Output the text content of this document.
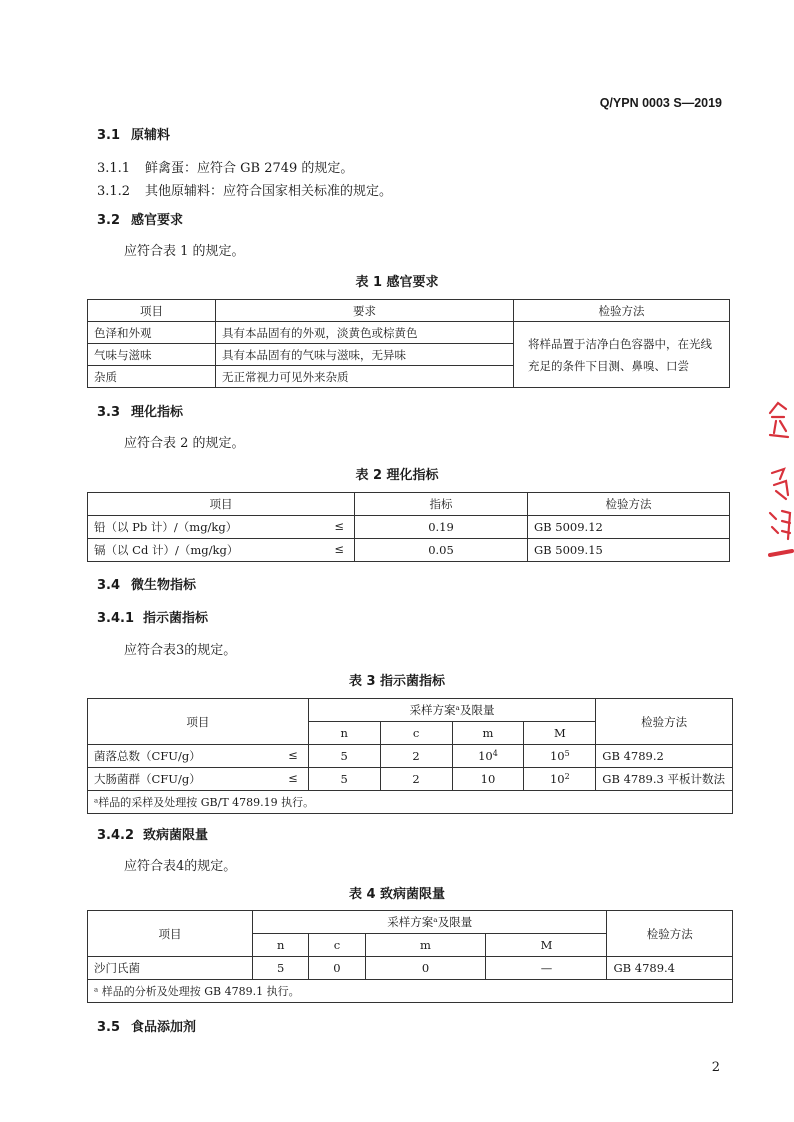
Q/YPN 0003 S—2019
3.1 原辅料
3.1.1 鲜禽蛋：应符合 GB 2749 的规定。
3.1.2 其他原辅料：应符合国家相关标准的规定。
3.2 感官要求
应符合表 1 的规定。
表 1 感官要求
项目	要求	检验方法
色泽和外观	具有本品固有的外观，淡黄色或棕黄色	将样品置于洁净白色容器中，在光线充足的条件下目测、鼻嗅、口尝
气味与滋味	具有本品固有的气味与滋味，无异味	
杂质	无正常视力可见外来杂质	
3.3 理化指标
应符合表 2 的规定。
表 2 理化指标
项目	指标	检验方法
铅（以 Pb 计）/（mg/kg） ≤	0.19	GB 5009.12
镉（以 Cd 计）/（mg/kg） ≤	0.05	GB 5009.15
3.4 微生物指标
3.4.1 指示菌指标
应符合表3的规定。
表 3 指示菌指标
项目	采样方案ᵃ及限量				检验方法
	n	c	m	M	
菌落总数（CFU/g） ≤	5	2	$10^4$	$10^5$	GB 4789.2
大肠菌群（CFU/g） ≤	5	2	10	$10^2$	GB 4789.3 平板计数法
ᵃ样品的采样及处理按 GB/T 4789.19 执行。					
3.4.2 致病菌限量
应符合表4的规定。
表 4 致病菌限量
项目	采样方案ᵃ及限量				检验方法
	n	c	m	M	
沙门氏菌	5	0	0	—	GB 4789.4
ᵃ 样品的分析及处理按 GB 4789.1 执行。					
3.5 食品添加剂
2
